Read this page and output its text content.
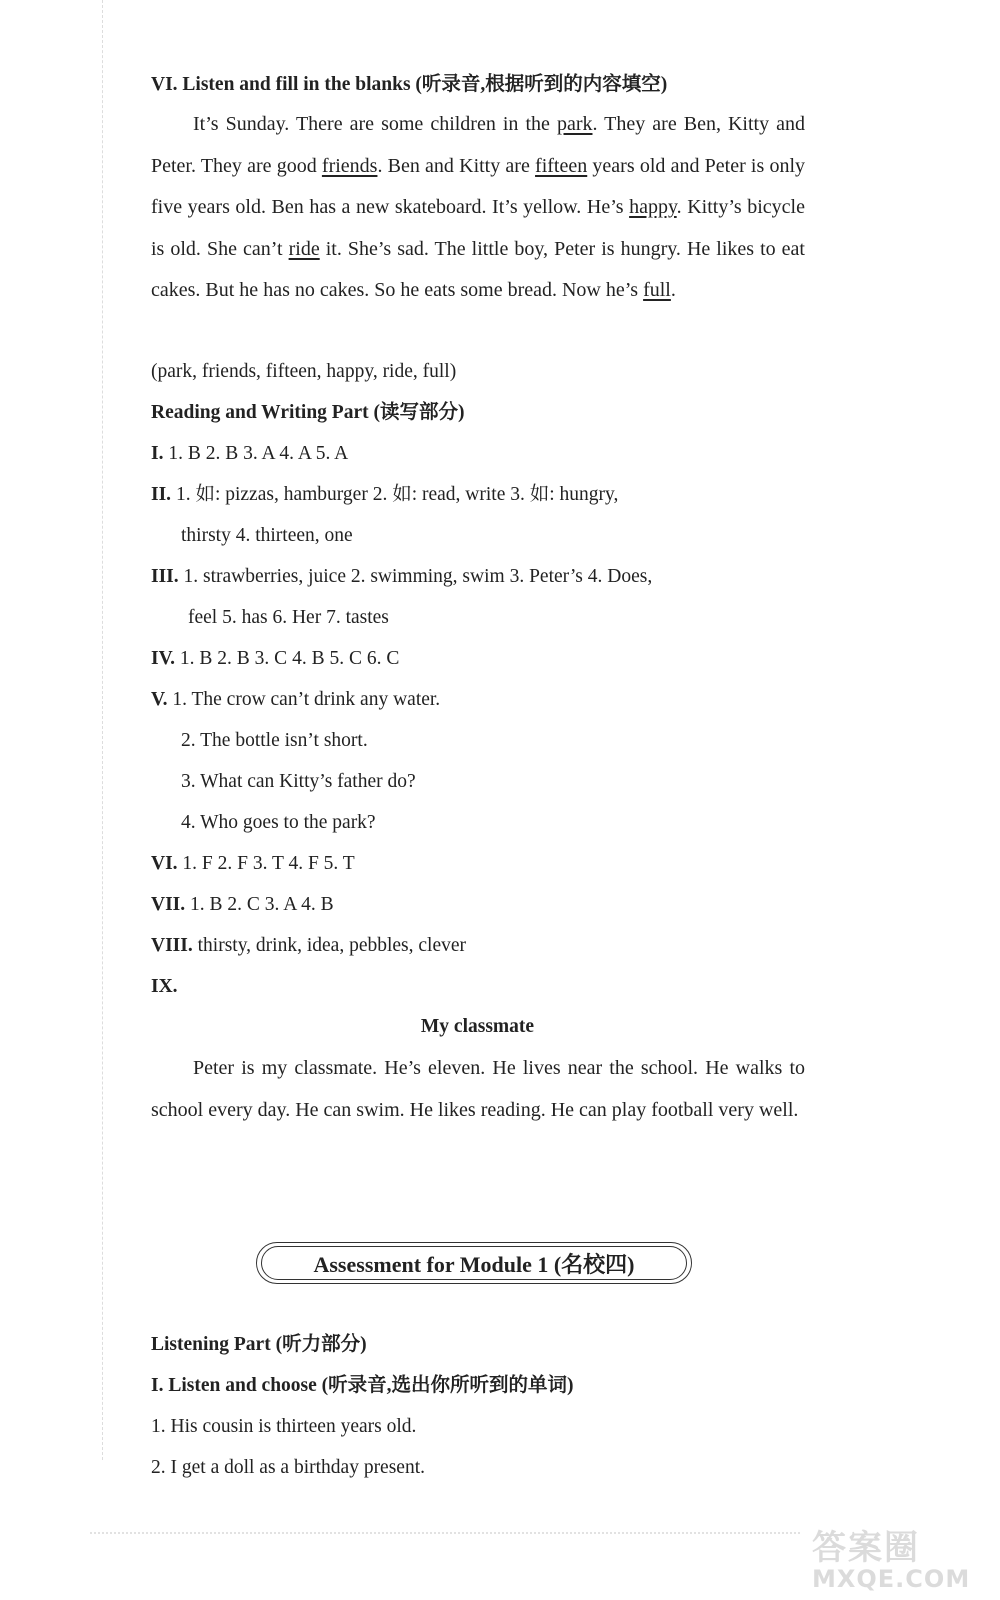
VI. Listen and fill in the blanks (听录音,根据听到的内容填空)

It’s Sunday. There are some children in the park. They are Ben, Kitty and Peter. They are good friends. Ben and Kitty are fifteen years old and Peter is only five years old. Ben has a new skateboard. It’s yellow. He’s happy. Kitty’s bicycle is old. She can’t ride it. She’s sad. The little boy, Peter is hungry. He likes to eat cakes. But he has no cakes. So he eats some bread. Now he’s full.

(park, friends, fifteen, happy, ride, full)
Reading and Writing Part (读写部分)
I. 1. B 2. B 3. A 4. A 5. A
II. 1. 如: pizzas, hamburger 2. 如: read, write 3. 如: hungry,
thirsty 4. thirteen, one
III. 1. strawberries, juice 2. swimming, swim 3. Peter’s 4. Does,
feel 5. has 6. Her 7. tastes
IV. 1. B 2. B 3. C 4. B 5. C 6. C
V. 1. The crow can’t drink any water.
2. The bottle isn’t short.
3. What can Kitty’s father do?
4. Who goes to the park?
VI. 1. F 2. F 3. T 4. F 5. T
VII. 1. B 2. C 3. A 4. B
VIII. thirsty, drink, idea, pebbles, clever
IX.
My classmate

Peter is my classmate. He’s eleven. He lives near the school. He walks to school every day. He can swim. He likes reading. He can play football very well.

Assessment for Module 1 (名校四)
Listening Part (听力部分)
I. Listen and choose (听录音,选出你所听到的单词)
1. His cousin is thirteen years old.
2. I get a doll as a birthday present.
答案圈
MXQE.COM
